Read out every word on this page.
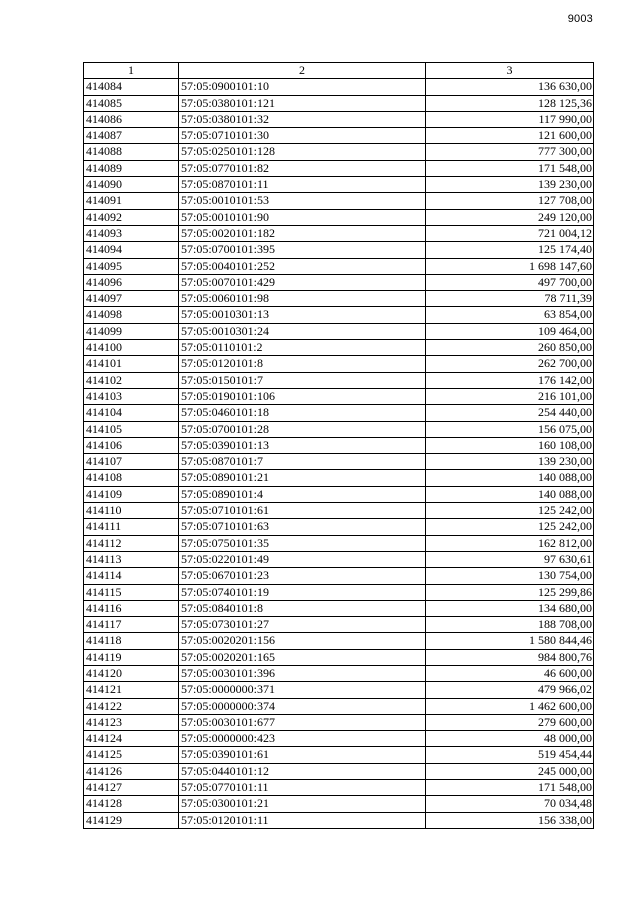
9003
1	2	3
414084	57:05:0900101:10	136 630,00
414085	57:05:0380101:121	128 125,36
414086	57:05:0380101:32	117 990,00
414087	57:05:0710101:30	121 600,00
414088	57:05:0250101:128	777 300,00
414089	57:05:0770101:82	171 548,00
414090	57:05:0870101:11	139 230,00
414091	57:05:0010101:53	127 708,00
414092	57:05:0010101:90	249 120,00
414093	57:05:0020101:182	721 004,12
414094	57:05:0700101:395	125 174,40
414095	57:05:0040101:252	1 698 147,60
414096	57:05:0070101:429	497 700,00
414097	57:05:0060101:98	78 711,39
414098	57:05:0010301:13	63 854,00
414099	57:05:0010301:24	109 464,00
414100	57:05:0110101:2	260 850,00
414101	57:05:0120101:8	262 700,00
414102	57:05:0150101:7	176 142,00
414103	57:05:0190101:106	216 101,00
414104	57:05:0460101:18	254 440,00
414105	57:05:0700101:28	156 075,00
414106	57:05:0390101:13	160 108,00
414107	57:05:0870101:7	139 230,00
414108	57:05:0890101:21	140 088,00
414109	57:05:0890101:4	140 088,00
414110	57:05:0710101:61	125 242,00
414111	57:05:0710101:63	125 242,00
414112	57:05:0750101:35	162 812,00
414113	57:05:0220101:49	97 630,61
414114	57:05:0670101:23	130 754,00
414115	57:05:0740101:19	125 299,86
414116	57:05:0840101:8	134 680,00
414117	57:05:0730101:27	188 708,00
414118	57:05:0020201:156	1 580 844,46
414119	57:05:0020201:165	984 800,76
414120	57:05:0030101:396	46 600,00
414121	57:05:0000000:371	479 966,02
414122	57:05:0000000:374	1 462 600,00
414123	57:05:0030101:677	279 600,00
414124	57:05:0000000:423	48 000,00
414125	57:05:0390101:61	519 454,44
414126	57:05:0440101:12	245 000,00
414127	57:05:0770101:11	171 548,00
414128	57:05:0300101:21	70 034,48
414129	57:05:0120101:11	156 338,00
